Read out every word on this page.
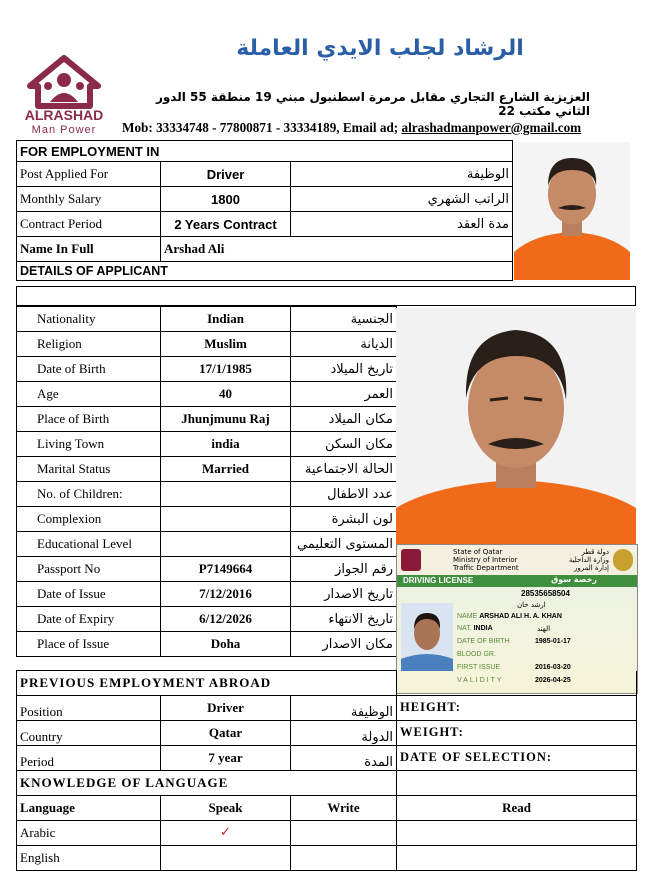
ALRASHAD
Man Power
الرشاد لجلب الايدي العاملة
العزيزية الشارع التجاري مقابل مرمرة اسطنبول مبني 19 منطقة 55 الدور الثاني مكتب 22
Mob: 33334748 - 77800871 - 33334189, Email ad; alrashadmanpower@gmail.com
FOR EMPLOYMENT IN		
Post Applied For	Driver	الوظيفة
Monthly Salary	1800	الراتب الشهري
Contract Period	2 Years Contract	مدة العقد
Name In Full	Arshad Ali	
DETAILS OF APPLICANT		
Nationality	Indian	الجنسية
Religion	Muslim	الديانة
Date of Birth	17/1/1985	تاريخ الميلاد
Age	40	العمر
Place of Birth	Jhunjmunu Raj	مكان الميلاد
Living Town	india	مكان السكن
Marital Status	Married	الحالة الاجتماعية
No. of Children:		عدد الاطفال
Complexion		لون البشرة
Educational Level		المستوى التعليمي
Passport No	P7149664	رقم الجواز
Date of Issue	7/12/2016	تاريخ الاصدار
Date of Expiry	6/12/2026	تاريخ الانتهاء
Place of Issue	Doha	مكان الاصدار
State of Qatar
Ministry of Interior
Traffic Department
دولة قطر
وزارة الداخلية
إدارة المرور
DRIVING LICENSE	رخصة سوق
28535658504
ارشد خان
NAME ARSHAD ALI H. A. KHAN
NAT. INDIA	الهند
DATE OF BIRTH	1985-01-17
BLOOD GR.
FIRST ISSUE	2016-03-20
VALIDITY	2026-04-25
PREVIOUS EMPLOYMENT ABROAD			
Position	Driver	الوظيفة	HEIGHT:
Country	Qatar	الدولة	WEIGHT:
Period	7 year	المدة	DATE OF SELECTION:
KNOWLEDGE OF LANGUAGE			
Language	Speak	Write	Read
Arabic	✓		
English			
